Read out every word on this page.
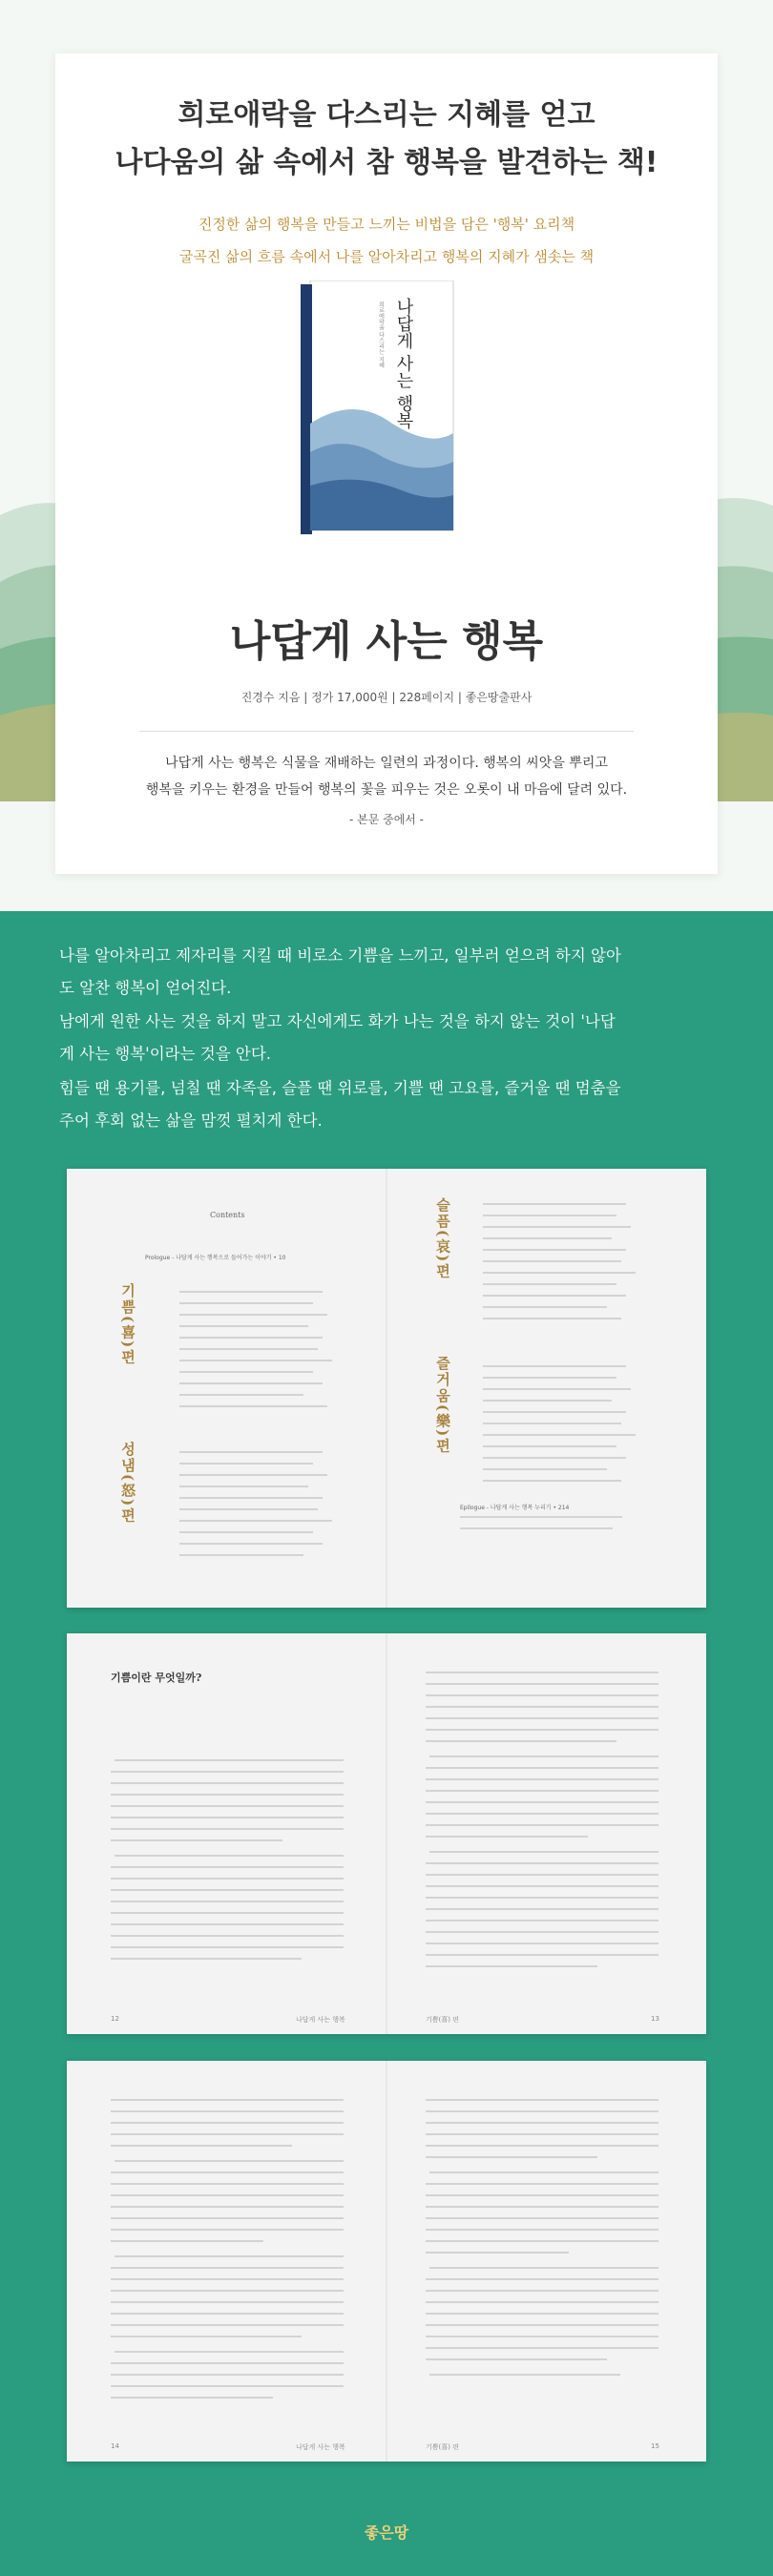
희로애락을 다스리는 지혜를 얻고
나다움의 삶 속에서 참 행복을 발견하는 책!
진정한 삶의 행복을 만들고 느끼는 비법을 담은 '행복' 요리책
굴곡진 삶의 흐름 속에서 나를 알아차리고 행복의 지혜가 샘솟는 책
나답게 사는 행복
희로애락을 다스리는 지혜
나답게 사는 행복
진경수 지음 | 정가 17,000원 | 228페이지 | 좋은땅출판사
나답게 사는 행복은 식물을 재배하는 일련의 과정이다. 행복의 씨앗을 뿌리고
행복을 키우는 환경을 만들어 행복의 꽃을 피우는 것은 오롯이 내 마음에 달려 있다.
- 본문 중에서 -
나를 알아차리고 제자리를 지킬 때 비로소 기쁨을 느끼고, 일부러 얻으려 하지 않아
도 알찬 행복이 얻어진다.
남에게 원한 사는 것을 하지 말고 자신에게도 화가 나는 것을 하지 않는 것이 '나답
게 사는 행복'이라는 것을 안다.
힘들 땐 용기를, 넘칠 땐 자족을, 슬플 땐 위로를, 기쁠 땐 고요를, 즐거울 땐 멈춤을
주어 후회 없는 삶을 맘껏 펼치게 한다.
Contents
Prologue - 나답게 사는 행복으로 들어가는 이야기 • 10
기쁨(喜)편
성냄(怒)편
슬픔(哀)편
즐거움(樂)편
Epilogue - 나답게 사는 행복 누리기 • 214
기쁨이란 무엇일까?
12	나답게 사는 행복	기쁨(喜) 편	13
14	나답게 사는 행복	기쁨(喜) 편	15
좋은땅
